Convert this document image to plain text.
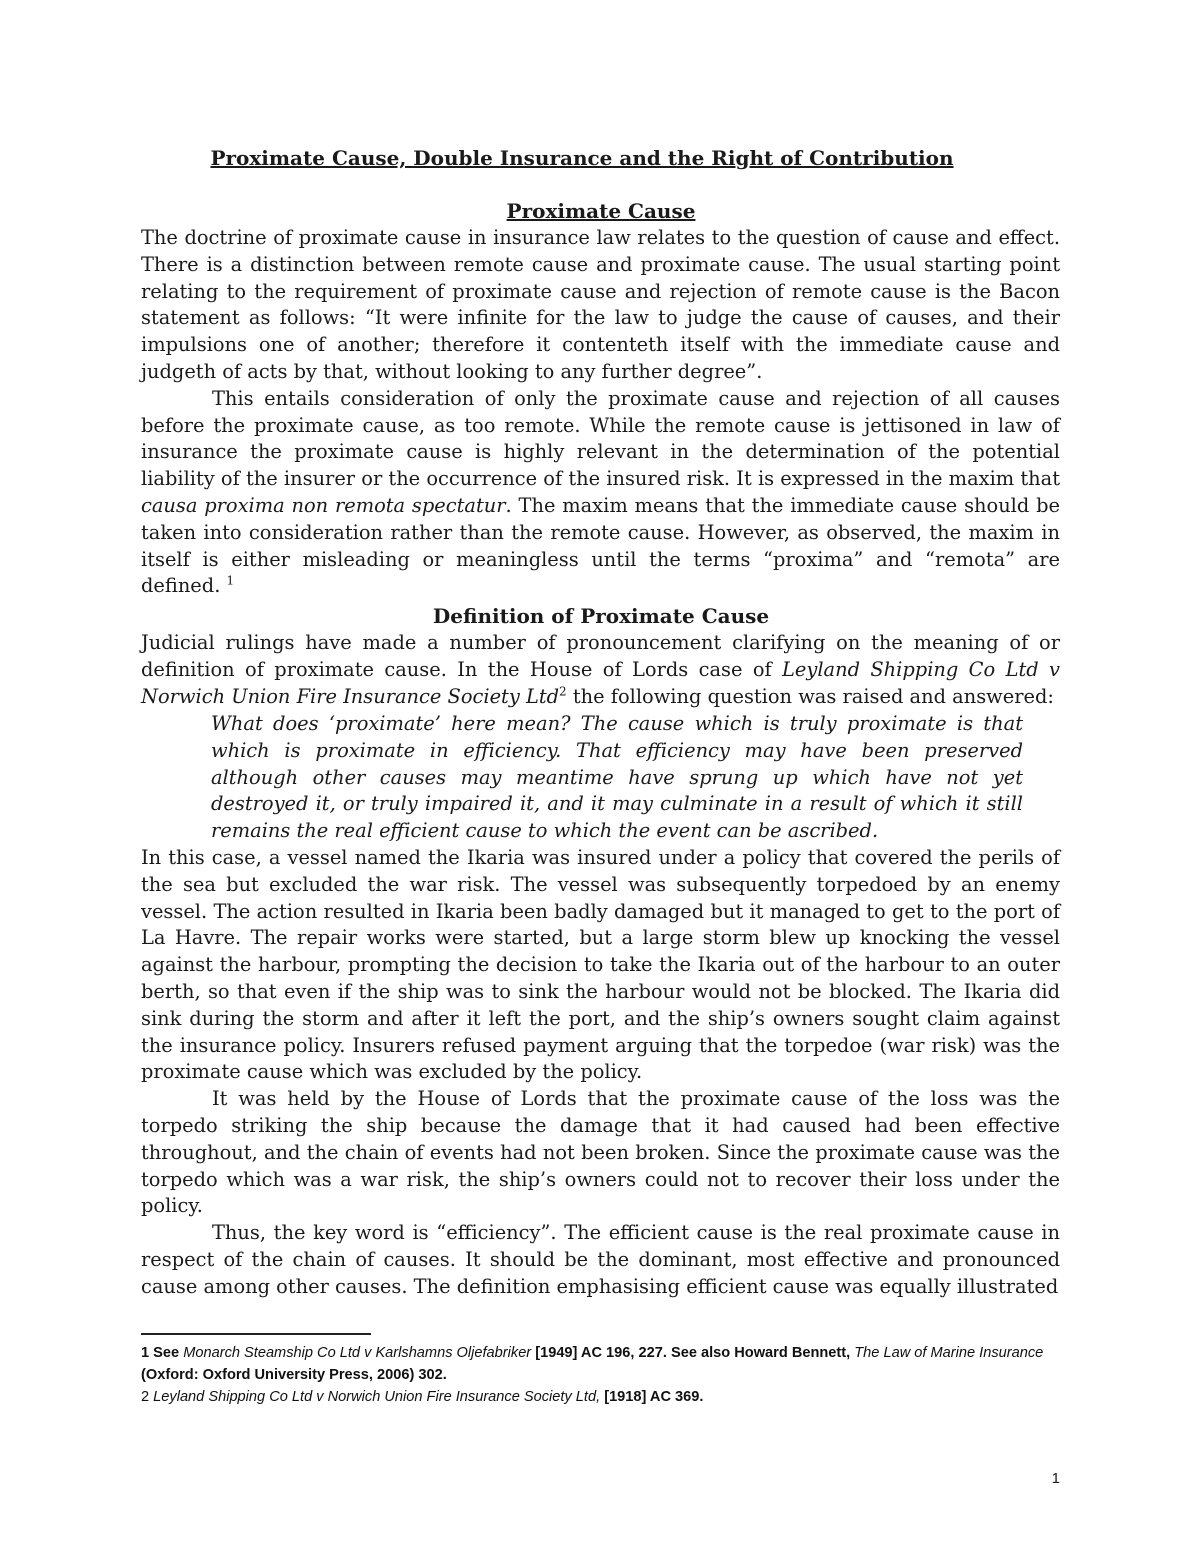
Proximate Cause, Double Insurance and the Right of Contribution
Proximate Cause

The doctrine of proximate cause in insurance law relates to the question of cause and effect. There is a distinction between remote cause and proximate cause. The usual starting point relating to the requirement of proximate cause and rejection of remote cause is the Bacon statement as follows: “It were infinite for the law to judge the cause of causes, and their impulsions one of another; therefore it contenteth itself with the immediate cause and judgeth of acts by that, without looking to any further degree”.

This entails consideration of only the proximate cause and rejection of all causes before the proximate cause, as too remote. While the remote cause is jettisoned in law of insurance the proximate cause is highly relevant in the determination of the potential liability of the insurer or the occurrence of the insured risk. It is expressed in the maxim that causa proxima non remota spectatur. The maxim means that the immediate cause should be taken into consideration rather than the remote cause. However, as observed, the maxim in itself is either misleading or meaningless until the terms “proxima” and “remota” are defined. $^1$

Definition of Proximate Cause

Judicial rulings have made a number of pronouncement clarifying on the meaning of or definition of proximate cause. In the House of Lords case of Leyland Shipping Co Ltd v Norwich Union Fire Insurance Society Ltd$^2$ the following question was raised and answered:

What does ‘proximate’ here mean? The cause which is truly proximate is that which is proximate in efficiency. That efficiency may have been preserved although other causes may meantime have sprung up which have not yet destroyed it, or truly impaired it, and it may culminate in a result of which it still remains the real efficient cause to which the event can be ascribed.

In this case, a vessel named the Ikaria was insured under a policy that covered the perils of the sea but excluded the war risk. The vessel was subsequently torpedoed by an enemy vessel. The action resulted in Ikaria been badly damaged but it managed to get to the port of La Havre. The repair works were started, but a large storm blew up knocking the vessel against the harbour, prompting the decision to take the Ikaria out of the harbour to an outer berth, so that even if the ship was to sink the harbour would not be blocked. The Ikaria did sink during the storm and after it left the port, and the ship’s owners sought claim against the insurance policy. Insurers refused payment arguing that the torpedoe (war risk) was the proximate cause which was excluded by the policy.

It was held by the House of Lords that the proximate cause of the loss was the torpedo striking the ship because the damage that it had caused had been effective throughout, and the chain of events had not been broken. Since the proximate cause was the torpedo which was a war risk, the ship’s owners could not to recover their loss under the policy.

Thus, the key word is “efficiency”. The efficient cause is the real proximate cause in respect of the chain of causes. It should be the dominant, most effective and pronounced cause among other causes. The definition emphasising efficient cause was equally illustrated

1 See Monarch Steamship Co Ltd v Karlshamns Oljefabriker [1949] AC 196, 227. See also Howard Bennett, The Law of Marine Insurance (Oxford: Oxford University Press, 2006) 302.

2 Leyland Shipping Co Ltd v Norwich Union Fire Insurance Society Ltd, [1918] AC 369.

1
